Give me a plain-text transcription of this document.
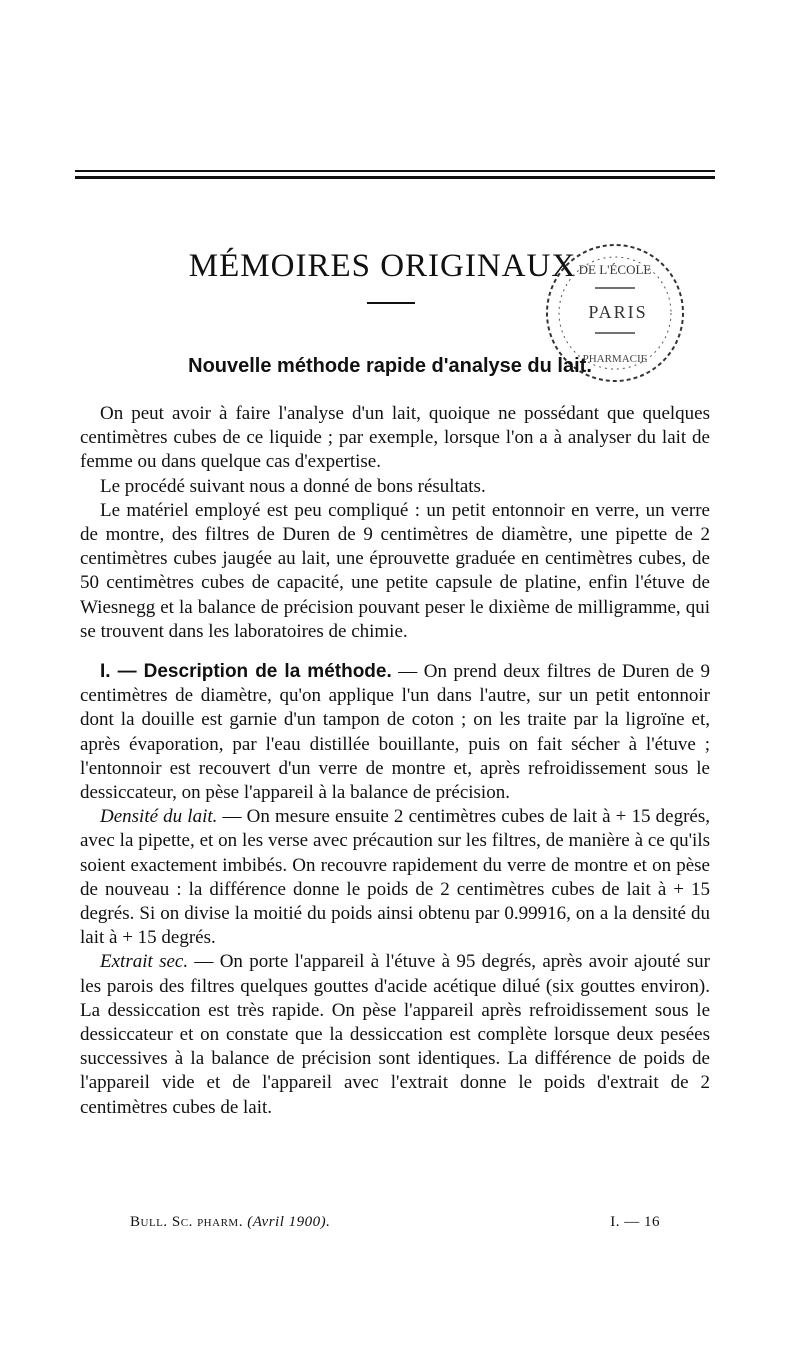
MÉMOIRES ORIGINAUX DE L'ÉCOLE
PARIS
PHARMACIE
Nouvelle méthode rapide d'analyse du lait.

On peut avoir à faire l'analyse d'un lait, quoique ne possédant que quelques centimètres cubes de ce liquide ; par exemple, lorsque l'on a à analyser du lait de femme ou dans quelque cas d'expertise.

Le procédé suivant nous a donné de bons résultats.

Le matériel employé est peu compliqué : un petit entonnoir en verre, un verre de montre, des filtres de Duren de 9 centimètres de diamètre, une pipette de 2 centimètres cubes jaugée au lait, une éprouvette graduée en centimètres cubes, de 50 centimètres cubes de capacité, une petite capsule de platine, enfin l'étuve de Wiesnegg et la balance de précision pouvant peser le dixième de milligramme, qui se trouvent dans les laboratoires de chimie.

I. — Description de la méthode. — On prend deux filtres de Duren de 9 centimètres de diamètre, qu'on applique l'un dans l'autre, sur un petit entonnoir dont la douille est garnie d'un tampon de coton ; on les traite par la ligroïne et, après évaporation, par l'eau distillée bouillante, puis on fait sécher à l'étuve ; l'entonnoir est recouvert d'un verre de montre et, après refroidissement sous le dessiccateur, on pèse l'appareil à la balance de précision.

Densité du lait. — On mesure ensuite 2 centimètres cubes de lait à + 15 degrés, avec la pipette, et on les verse avec précaution sur les filtres, de manière à ce qu'ils soient exactement imbibés. On recouvre rapidement du verre de montre et on pèse de nouveau : la différence donne le poids de 2 centimètres cubes de lait à + 15 degrés. Si on divise la moitié du poids ainsi obtenu par 0.99916, on a la densité du lait à + 15 degrés.

Extrait sec. — On porte l'appareil à l'étuve à 95 degrés, après avoir ajouté sur les parois des filtres quelques gouttes d'acide acétique dilué (six gouttes environ). La dessiccation est très rapide. On pèse l'appareil après refroidissement sous le dessiccateur et on constate que la dessiccation est complète lorsque deux pesées successives à la balance de précision sont identiques. La différence de poids de l'appareil vide et de l'appareil avec l'extrait donne le poids d'extrait de 2 centimètres cubes de lait.

Bull. Sc. pharm. (Avril 1900).	I. — 16
